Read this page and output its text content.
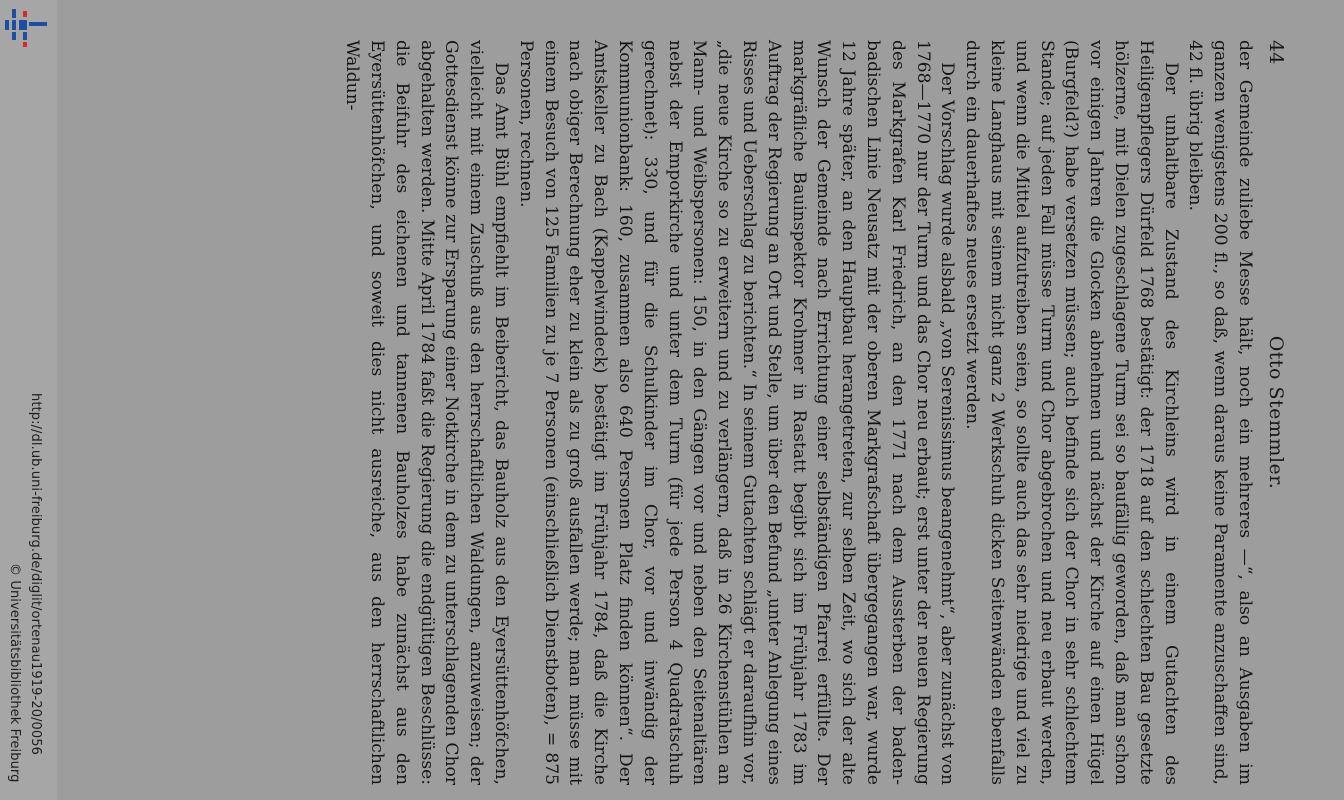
http://dl.ub.uni-freiburg.de/diglit/ortenau1919-20/0056
© Universitätsbibliothek Freiburg
44
Otto Stemmler.

der Gemeinde zuliebe Messe hält, noch ein mehreres —“, also an Ausgaben im ganzen wenigstens 200 fl., so daß, wenn daraus keine Paramente anzuschaffen sind, 42 fl. übrig bleiben.

Der unhaltbare Zustand des Kirchleins wird in einem Gutachten des Heiligenpflegers Dürfeld 1768 bestätigt: der 1718 auf den schlechten Bau gesetzte hölzerne, mit Dielen zugeschlagene Turm sei so baufällig geworden, daß man schon vor einigen Jahren die Glocken abnehmen und nächst der Kirche auf einen Hügel (Burgfeld?) habe versetzen müssen; auch befinde sich der Chor in sehr schlechtem Stande; auf jeden Fall müsse Turm und Chor abgebrochen und neu erbaut werden, und wenn die Mittel aufzutreiben seien, so sollte auch das sehr niedrige und viel zu kleine Langhaus mit seinem nicht ganz 2 Werkschuh dicken Seitenwänden ebenfalls durch ein dauerhaftes neues ersetzt werden.

Der Vorschlag wurde alsbald „von Serenissimus beangenehmt“, aber zunächst von 1768—1770 nur der Turm und das Chor neu erbaut; erst unter der neuen Regierung des Markgrafen Karl Friedrich, an den 1771 nach dem Aussterben der baden-badischen Linie Neusatz mit der oberen Markgrafschaft übergegangen war, wurde 12 Jahre später, an den Hauptbau herangetreten, zur selben Zeit, wo sich der alte Wunsch der Gemeinde nach Errichtung einer selbständigen Pfarrei erfüllte. Der markgräfliche Bauinspektor Krohmer in Rastatt begibt sich im Frühjahr 1783 im Auftrag der Regierung an Ort und Stelle, um über den Befund „unter Anlegung eines Risses und Ueberschlag zu berichten.“ In seinem Gutachten schlägt er daraufhin vor, „die neue Kirche so zu erweitern und zu verlängern, daß in 26 Kirchenstühlen an Mann- und Weibspersonen: 150, in den Gängen vor und neben den Seitenaltären nebst der Emporkirche und unter dem Turm (für jede Person 4 Quadratschuh gerechnet): 330, und für die Schulkinder im Chor, vor und inwändig der Kommunionbank: 160, zusammen also 640 Personen Platz finden können“. Der Amtskeller zu Bach (Kappelwindeck) bestätigt im Frühjahr 1784, daß die Kirche nach obiger Berechnung eher zu klein als zu groß ausfallen werde; man müsse mit einem Besuch von 125 Familien zu je 7 Personen (einschließlich Dienstboten), = 875 Personen, rechnen.

Das Amt Bühl empfiehlt im Beibericht, das Bauholz aus den Eyersüttenhöfchen, vielleicht mit einem Zuschuß aus den herrschaftlichen Waldungen, anzuweisen; der Gottesdienst könne zur Ersparung einer Notkirche in dem zu unterschlagenden Chor abgehalten werden. Mitte April 1784 faßt die Regierung die endgültigen Beschlüsse: die Beifuhr des eichenen und tannenen Bauholzes habe zunächst aus den Eyersüttenhöfchen, und soweit dies nicht ausreiche, aus den herrschaftlichen Waldun-
